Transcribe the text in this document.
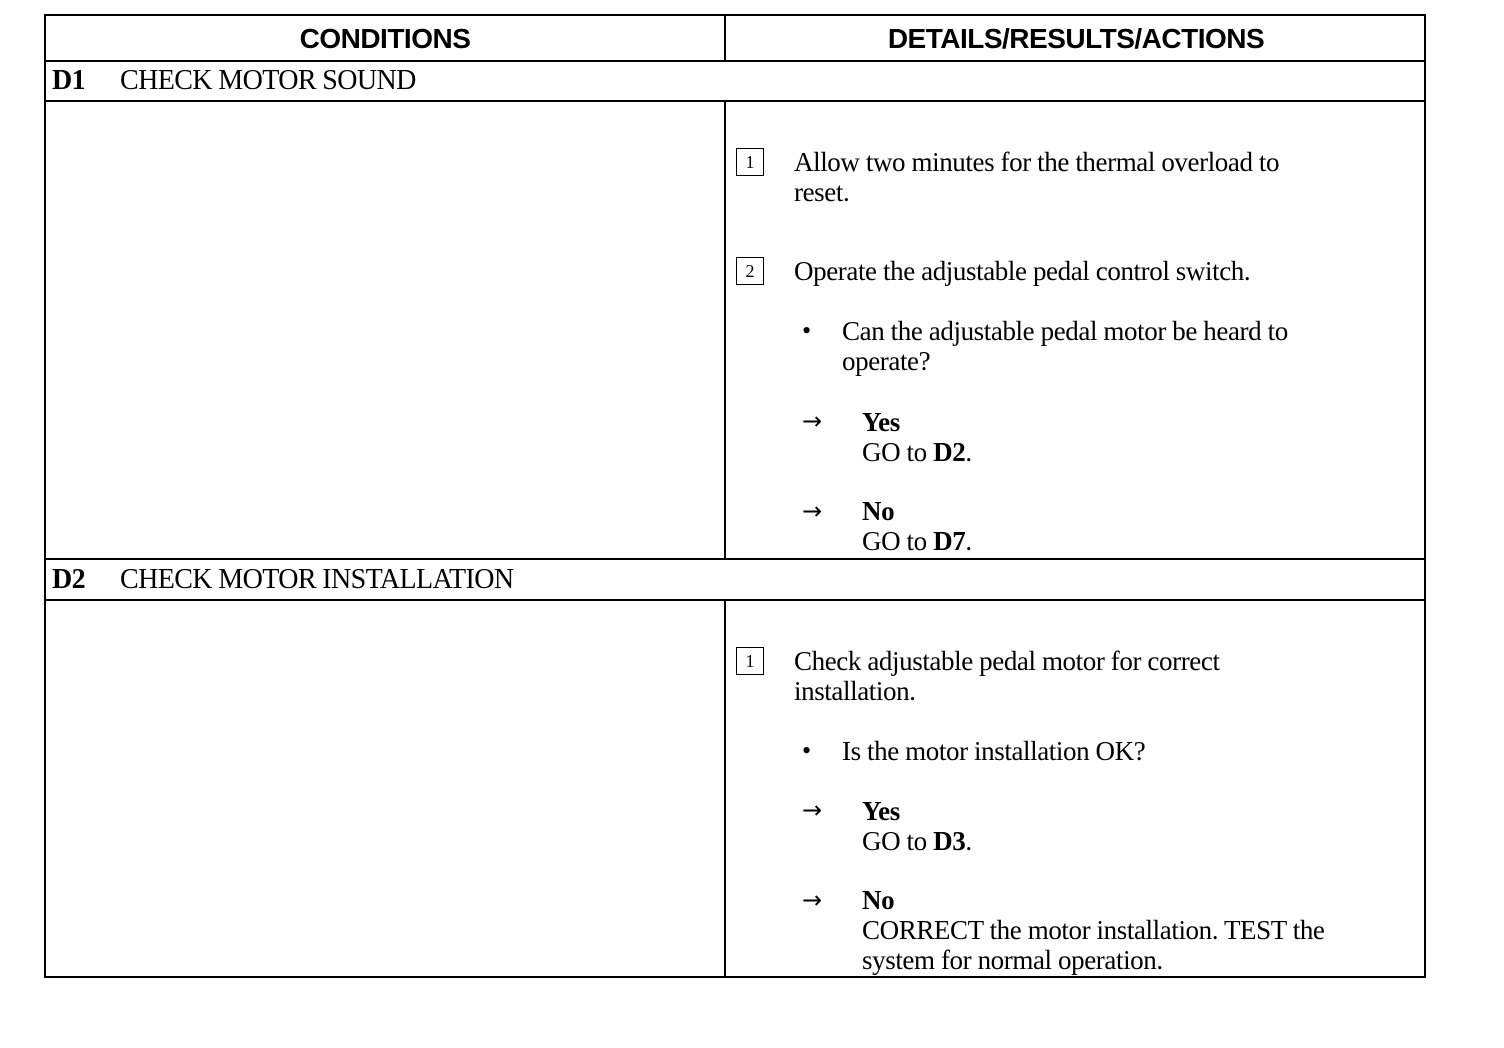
CONDITIONS	DETAILS/RESULTS/ACTIONS
D1 CHECK MOTOR SOUND
1	Allow two minutes for the thermal overload to
reset.
2	Operate the adjustable pedal control switch.
• Can the adjustable pedal motor be heard to
operate?
→ Yes
GO to D2.
→ No
GO to D7.
D2 CHECK MOTOR INSTALLATION
1	Check adjustable pedal motor for correct
installation.
• Is the motor installation OK?
→ Yes
GO to D3.
→ No
CORRECT the motor installation. TEST the
system for normal operation.
